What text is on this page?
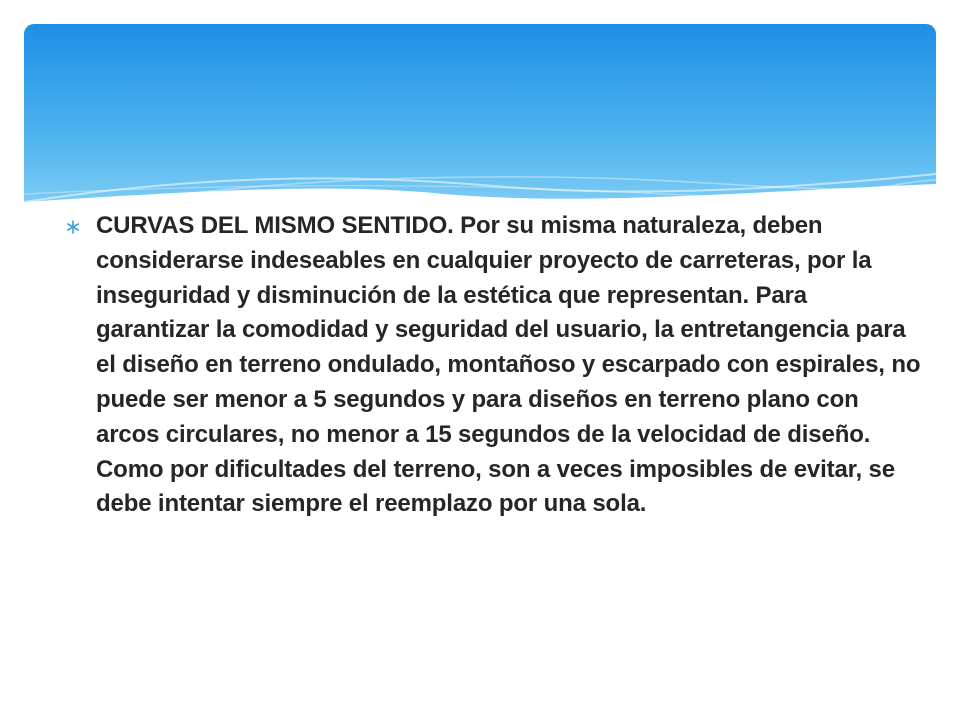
CURVAS DEL MISMO SENTIDO. Por su misma naturaleza, deben considerarse indeseables en cualquier proyecto de carreteras, por la inseguridad y disminución de la estética que representan. Para garantizar la comodidad y seguridad del usuario, la entretangencia para el diseño en terreno ondulado, montañoso y escarpado con espirales, no puede ser menor a 5 segundos y para diseños en terreno plano con arcos circulares, no menor a 15 segundos de la velocidad de diseño. Como por dificultades del terreno, son a veces imposibles de evitar, se debe intentar siempre el reemplazo por una sola.
